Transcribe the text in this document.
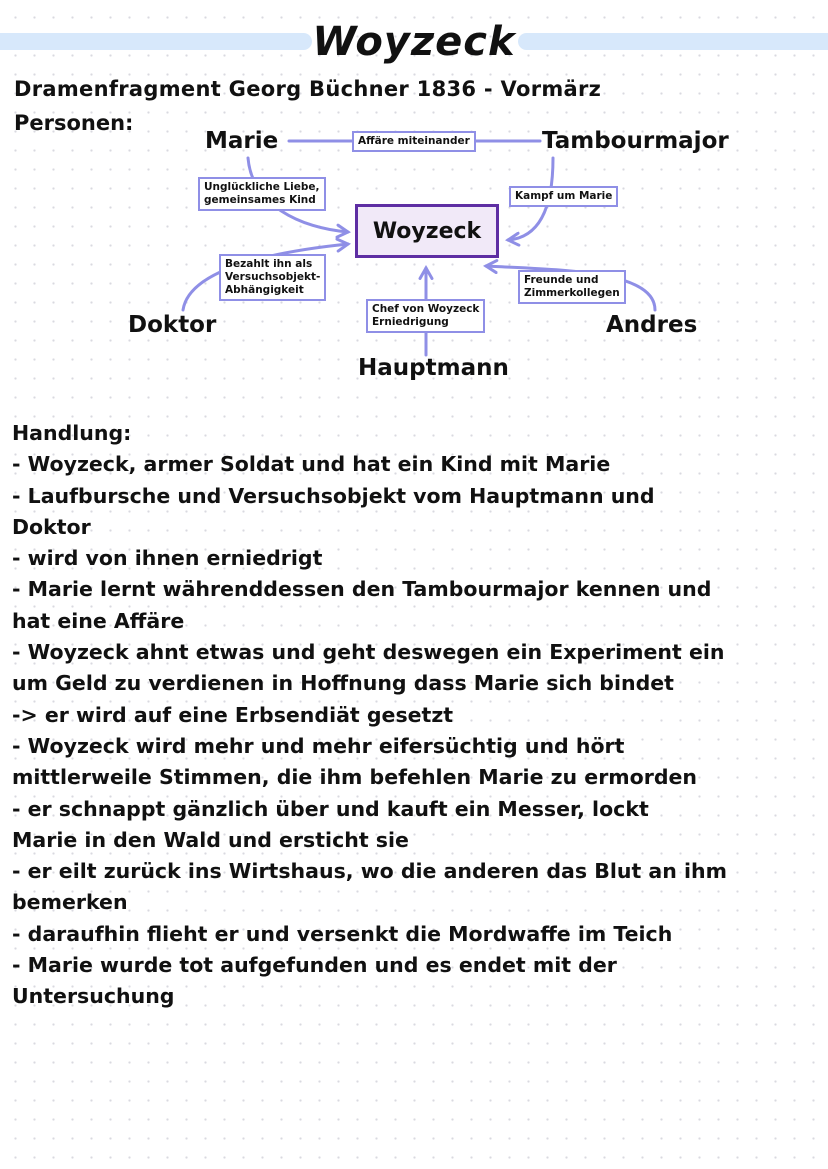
Woyzeck
Dramenfragment Georg Büchner 1836 - Vormärz
Personen:
Marie	Tambourmajor
Doktor	Andres
Hauptmann
Woyzeck
Affäre miteinander
Unglückliche Liebe,
gemeinsames Kind	Kampf um Marie
Bezahlt ihn als
Versuchsobjekt-
Abhängigkeit
Chef von Woyzeck
Erniedrigung
Freunde und
Zimmerkollegen
Handlung:
- Woyzeck, armer Soldat und hat ein Kind mit Marie
- Laufbursche und Versuchsobjekt vom Hauptmann und
Doktor
- wird von ihnen erniedrigt
- Marie lernt währenddessen den Tambourmajor kennen und
hat eine Affäre
- Woyzeck ahnt etwas und geht deswegen ein Experiment ein
um Geld zu verdienen in Hoffnung dass Marie sich bindet
-> er wird auf eine Erbsendiät gesetzt
- Woyzeck wird mehr und mehr eifersüchtig und hört
mittlerweile Stimmen, die ihm befehlen Marie zu ermorden
- er schnappt gänzlich über und kauft ein Messer, lockt
Marie in den Wald und ersticht sie
- er eilt zurück ins Wirtshaus, wo die anderen das Blut an ihm
bemerken
- daraufhin flieht er und versenkt die Mordwaffe im Teich
- Marie wurde tot aufgefunden und es endet mit der
Untersuchung
